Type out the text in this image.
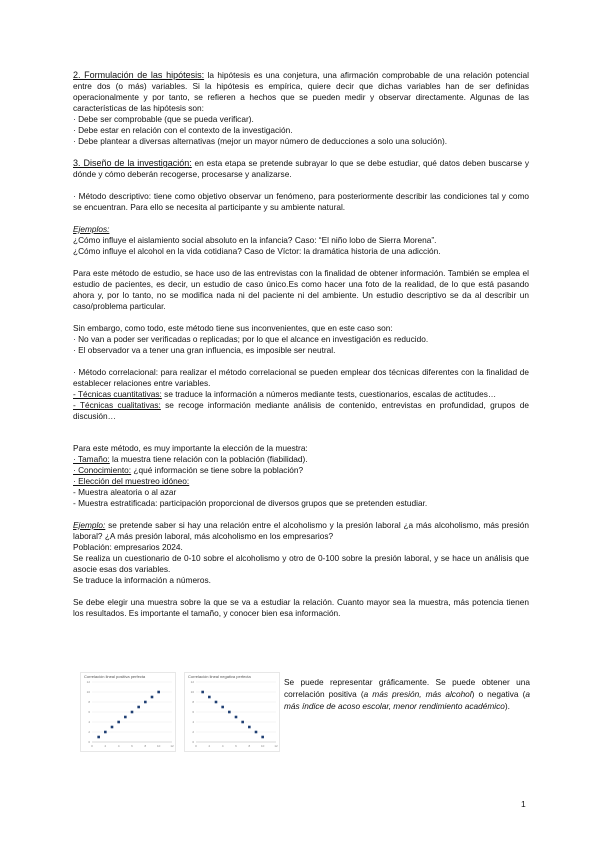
2. Formulación de las hipótesis: la hipótesis es una conjetura, una afirmación comprobable de una relación potencial entre dos (o más) variables. Si la hipótesis es empírica, quiere decir que dichas variables han de ser definidas operacionalmente y por tanto, se refieren a hechos que se pueden medir y observar directamente. Algunas de las características de las hipótesis son:

· Debe ser comprobable (que se pueda verificar).

· Debe estar en relación con el contexto de la investigación.

· Debe plantear a diversas alternativas (mejor un mayor número de deducciones a solo una solución).

3. Diseño de la investigación: en esta etapa se pretende subrayar lo que se debe estudiar, qué datos deben buscarse y dónde y cómo deberán recogerse, procesarse y analizarse.

· Método descriptivo: tiene como objetivo observar un fenómeno, para posteriormente describir las condiciones tal y como se encuentran. Para ello se necesita al participante y su ambiente natural.

Ejemplos:

¿Cómo influye el aislamiento social absoluto en la infancia? Caso: “El niño lobo de Sierra Morena”.

¿Cómo influye el alcohol en la vida cotidiana? Caso de Víctor: la dramática historia de una adicción.

Para este método de estudio, se hace uso de las entrevistas con la finalidad de obtener información. También se emplea el estudio de pacientes, es decir, un estudio de caso único.Es como hacer una foto de la realidad, de lo que está pasando ahora y, por lo tanto, no se modifica nada ni del paciente ni del ambiente. Un estudio descriptivo se da al describir un caso/problema particular.

Sin embargo, como todo, este método tiene sus inconvenientes, que en este caso son:

· No van a poder ser verificadas o replicadas; por lo que el alcance en investigación es reducido.

· El observador va a tener una gran influencia, es imposible ser neutral.

· Método correlacional: para realizar el método correlacional se pueden emplear dos técnicas diferentes con la finalidad de establecer relaciones entre variables.

- Técnicas cuantitativas: se traduce la información a números mediante tests, cuestionarios, escalas de actitudes…

- Técnicas cualitativas: se recoge información mediante análisis de contenido, entrevistas en profundidad, grupos de discusión…

Para este método, es muy importante la elección de la muestra:

· Tamaño: la muestra tiene relación con la población (fiabilidad).

· Conocimiento: ¿qué información se tiene sobre la población?

· Elección del muestreo idóneo:

- Muestra aleatoria o al azar

- Muestra estratificada: participación proporcional de diversos grupos que se pretenden estudiar.

Ejemplo: se pretende saber si hay una relación entre el alcoholismo y la presión laboral ¿a más alcoholismo, más presión laboral? ¿A más presión laboral, más alcoholismo en los empresarios?

Población: empresarios 2024.

Se realiza un cuestionario de 0-10 sobre el alcoholismo y otro de 0-100 sobre la presión laboral, y se hace un análisis que asocie esas dos variables.

Se traduce la información a números.

Se debe elegir una muestra sobre la que se va a estudiar la relación. Cuanto mayor sea la muestra, más potencia tienen los resultados. Es importante el tamaño, y conocer bien esa información.

Correlación lineal positiva perfecta
0
2
4
6
8
10
12
0	2	4	6	8	10	12
Correlación lineal negativa perfecta
0
2
4
6
8
10
12
0	2	4	6	8	10	12

Se puede representar gráficamente. Se puede obtener una correlación positiva (a más presión, más alcohol) o negativa (a más índice de acoso escolar, menor rendimiento académico).

1
